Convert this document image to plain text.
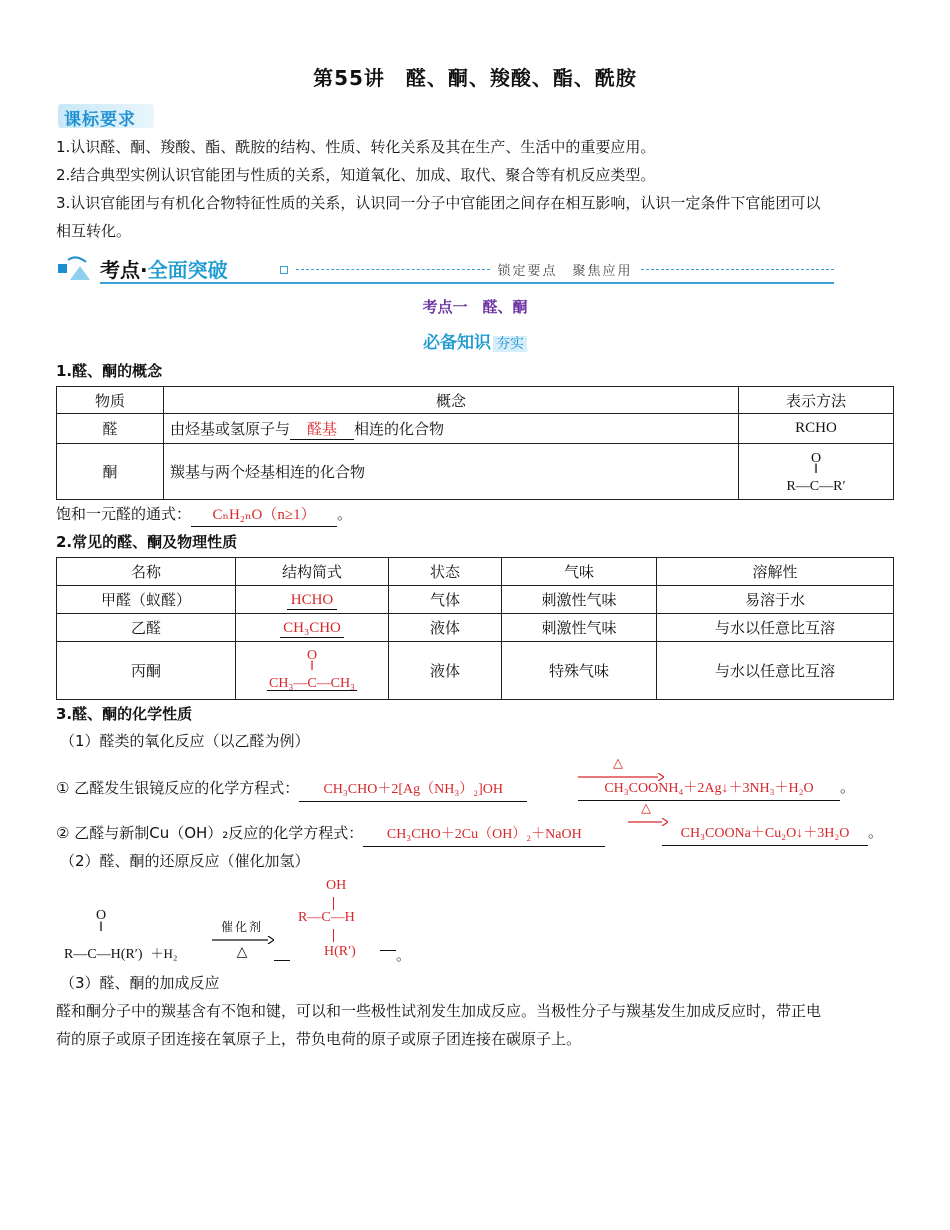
第55讲　醛、酮、羧酸、酯、酰胺
课标要求
1.认识醛、酮、羧酸、酯、酰胺的结构、性质、转化关系及其在生产、生活中的重要应用。
2.结合典型实例认识官能团与性质的关系，知道氧化、加成、取代、聚合等有机反应类型。
3.认识官能团与有机化合物特征性质的关系，认识同一分子中官能团之间存在相互影响，认识一定条件下官能团可以
相互转化。
考点·全面突破	锁定要点　聚焦应用
考点一　醛、酮
必备知识 夯实
1.醛、酮的概念
物质	概念	表示方法
醛	由烃基或氢原子与 醛基 相连的化合物	RCHO
酮	羰基与两个烃基相连的化合物	O
‖
R—C—R′
饱和一元醛的通式： CₙH₂ₙO（n≥1） 。
2.常见的醛、酮及物理性质
名称	结构简式	状态	气味	溶解性
甲醛（蚁醛）	HCHO	气体	刺激性气味	易溶于水
乙醛	CH₃CHO	液体	刺激性气味	与水以任意比互溶
丙酮	O
‖
CH₃—C—CH₃	液体	特殊气味	与水以任意比互溶
3.醛、酮的化学性质
（1）醛类的氧化反应（以乙醛为例）
① 乙醛发生银镜反应的化学方程式： CH₃CHO＋2[Ag（NH₃）₂]OH
△
CH₃COONH₄＋2Ag↓＋3NH₃＋H₂O 。
② 乙醛与新制Cu（OH）₂反应的化学方程式： CH₃CHO＋2Cu（OH）₂＋NaOH
△
CH₃COONa＋Cu₂O↓＋3H₂O 。
（2）醛、酮的还原反应（催化加氢）
O
‖
R—C—H(R′) ＋H₂
催化剂
△
OH
R—C—H
H(R′)	。
（3）醛、酮的加成反应
醛和酮分子中的羰基含有不饱和键，可以和一些极性试剂发生加成反应。当极性分子与羰基发生加成反应时，带正电
荷的原子或原子团连接在氧原子上，带负电荷的原子或原子团连接在碳原子上。
